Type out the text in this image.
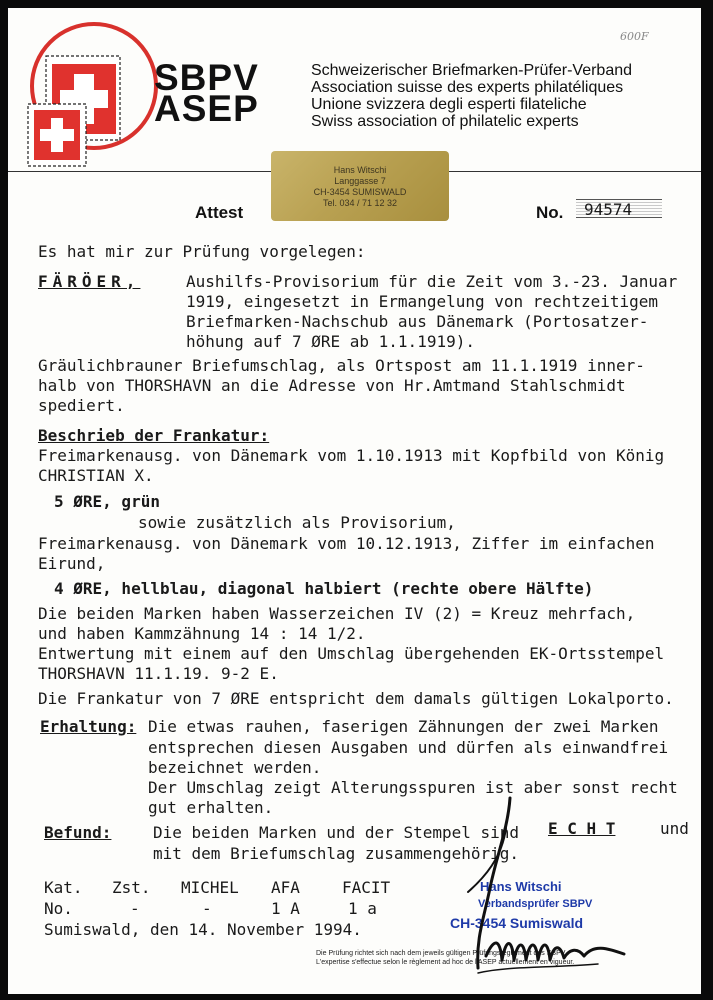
SBPV
ASEP
Schweizerischer Briefmarken-Prüfer-Verband
Association suisse des experts philatéliques
Unione svizzera degli esperti filateliche
Swiss association of philatelic experts
600F
Hans Witschi
Langgasse 7
CH-3454 SUMISWALD
Tel. 034 / 71 12 32
Attest	No.	94574
Es hat mir zur Prüfung vorgelegen:
FÄRÖER,	Aushilfs-Provisorium für die Zeit vom 3.-23. Januar
1919, eingesetzt in Ermangelung von rechtzeitigem
Briefmarken-Nachschub aus Dänemark (Portosatzer-
höhung auf 7 ØRE ab 1.1.1919).
Gräulichbrauner Briefumschlag, als Ortspost am 11.1.1919 inner-
halb von THORSHAVN an die Adresse von Hr.Amtmand Stahlschmidt
spediert.
Beschrieb der Frankatur:
Freimarkenausg. von Dänemark vom 1.10.1913 mit Kopfbild von König
CHRISTIAN X.
5 ØRE, grün
sowie zusätzlich als Provisorium,
Freimarkenausg. von Dänemark vom 10.12.1913, Ziffer im einfachen
Eirund,
4 ØRE, hellblau, diagonal halbiert (rechte obere Hälfte)
Die beiden Marken haben Wasserzeichen IV (2) = Kreuz mehrfach,
und haben Kammzähnung 14 : 14 1/2.
Entwertung mit einem auf den Umschlag übergehenden EK-Ortsstempel
THORSHAVN 11.1.19. 9-2 E.
Die Frankatur von 7 ØRE entspricht dem damals gültigen Lokalporto.
Erhaltung: Die etwas rauhen, faserigen Zähnungen der zwei Marken
entsprechen diesen Ausgaben und dürfen als einwandfrei
bezeichnet werden.
Der Umschlag zeigt Alterungsspuren ist aber sonst recht
gut erhalten.
Befund:	Die beiden Marken und der Stempel sind E C H T	und
mit dem Briefumschlag zusammengehörig.
Kat. Zst. MICHEL AFA	FACIT
No.	-	-	1 A	1 a
Sumiswald, den 14. November 1994.
Hans Witschi
Verbandsprüfer SBPV
CH-3454 Sumiswald
Die Prüfung richtet sich nach dem jeweils gültigen Prüfungsreglement des SBPV.
L'expertise s'effectue selon le règlement ad hoc de l'ASEP actuellement en vigueur.
